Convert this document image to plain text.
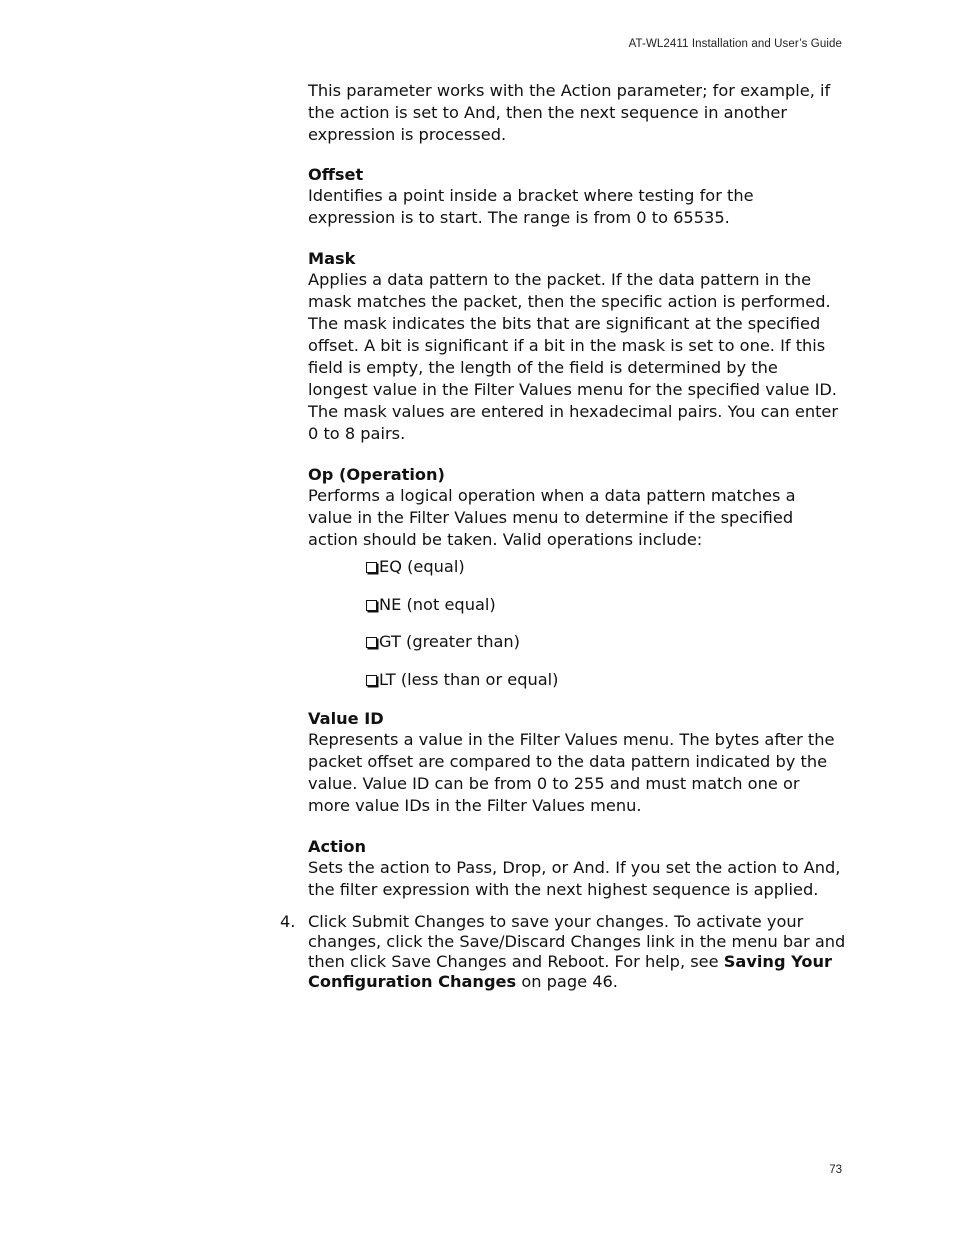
AT-WL2411 Installation and User’s Guide

This parameter works with the Action parameter; for example, if the action is set to And, then the next sequence in another expression is processed.

Offset

Identifies a point inside a bracket where testing for the expression is to start. The range is from 0 to 65535.

Mask

Applies a data pattern to the packet. If the data pattern in the mask matches the packet, then the specific action is performed. The mask indicates the bits that are significant at the specified offset. A bit is significant if a bit in the mask is set to one. If this field is empty, the length of the field is determined by the longest value in the Filter Values menu for the specified value ID. The mask values are entered in hexadecimal pairs. You can enter 0 to 8 pairs.

Op (Operation)

Performs a logical operation when a data pattern matches a value in the Filter Values menu to determine if the specified action should be taken. Valid operations include:

EQ (equal)
NE (not equal)
GT (greater than)
LT (less than or equal)
Value ID

Represents a value in the Filter Values menu. The bytes after the packet offset are compared to the data pattern indicated by the value. Value ID can be from 0 to 255 and must match one or more value IDs in the Filter Values menu.

Action

Sets the action to Pass, Drop, or And. If you set the action to And, the filter expression with the next highest sequence is applied.

4. Click Submit Changes to save your changes. To activate your changes, click the Save/Discard Changes link in the menu bar and then click Save Changes and Reboot. For help, see Saving Your Configuration Changes on page 46.

73
